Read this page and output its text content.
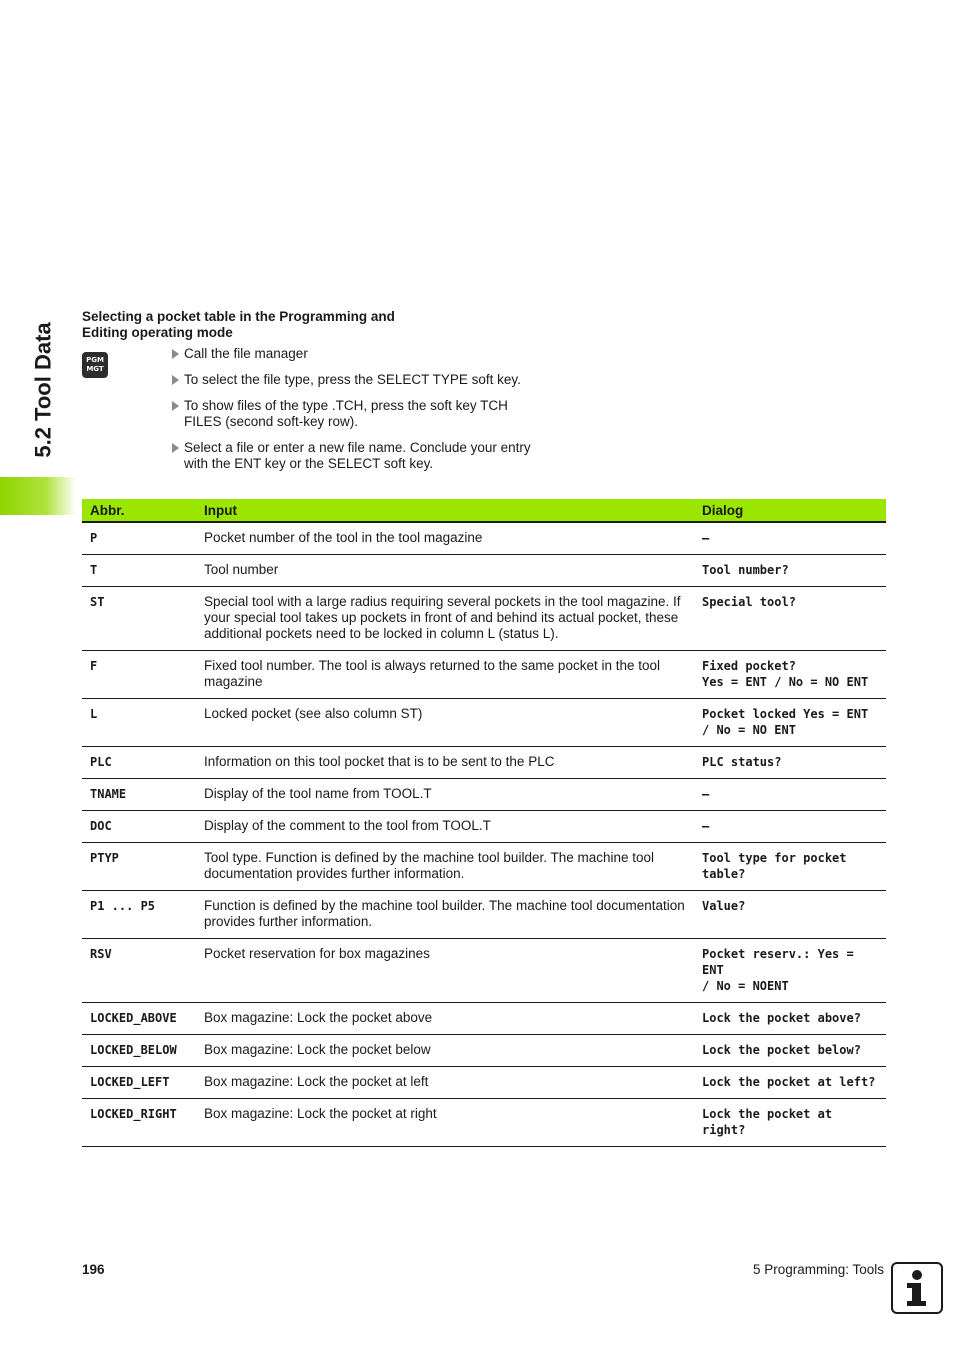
5.2 Tool Data
Selecting a pocket table in the Programming and
Editing operating mode
PGM
MGT
Call the file manager
To select the file type, press the SELECT TYPE soft key.
To show files of the type .TCH, press the soft key TCH FILES (second soft-key row).
Select a file or enter a new file name. Conclude your entry with the ENT key or the SELECT soft key.
Abbr.	Input	Dialog
P	Pocket number of the tool in the tool magazine	–

T	Tool number	Tool number?

ST	Special tool with a large radius requiring several pockets in the tool magazine. If your special tool takes up pockets in front of and behind its actual pocket, these additional pockets need to be locked in column L (status L).	Special tool?

F	Fixed tool number. The tool is always returned to the same pocket in the tool magazine	Fixed pocket?
Yes = ENT / No = NO ENT

L	Locked pocket (see also column ST)	Pocket locked Yes = ENT
/ No = NO ENT

PLC	Information on this tool pocket that is to be sent to the PLC	PLC status?

TNAME	Display of the tool name from TOOL.T	–

DOC	Display of the comment to the tool from TOOL.T	–

PTYP	Tool type. Function is defined by the machine tool builder. The machine tool documentation provides further information.	Tool type for pocket
table?

P1 ... P5	Function is defined by the machine tool builder. The machine tool documentation provides further information.	Value?

RSV	Pocket reservation for box magazines	Pocket reserv.: Yes = ENT
/ No = NOENT

LOCKED_ABOVE	Box magazine: Lock the pocket above	Lock the pocket above?

LOCKED_BELOW	Box magazine: Lock the pocket below	Lock the pocket below?

LOCKED_LEFT	Box magazine: Lock the pocket at left	Lock the pocket at left?

LOCKED_RIGHT	Box magazine: Lock the pocket at right	Lock the pocket at right?
196	5 Programming: Tools
